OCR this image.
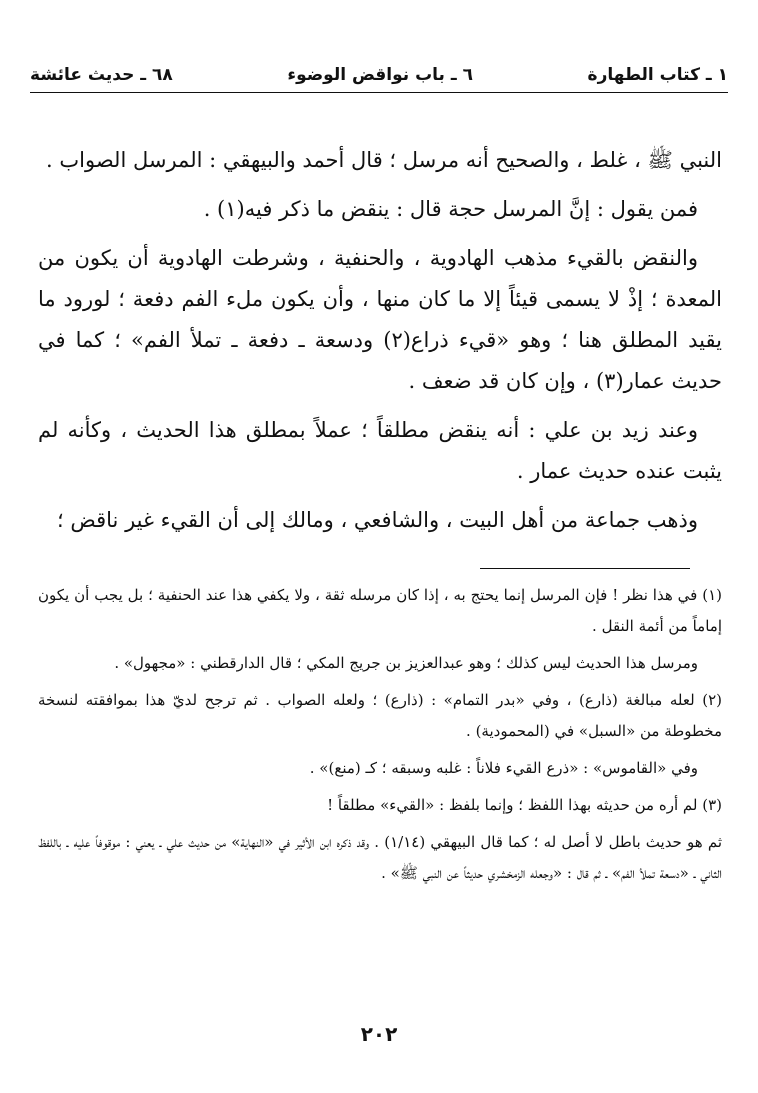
١ ـ كتاب الطهارة
٦ ـ باب نواقض الوضوء
٦٨ ـ حديث عائشة

النبي ﷺ ، غلط ، والصحيح أنه مرسل ؛ قال أحمد والبيهقي : المرسل الصواب .

فمن يقول : إنَّ المرسل حجة قال : ينقض ما ذكر فيه(١) .

والنقض بالقيء مذهب الهادوية ، والحنفية ، وشرطت الهادوية أن يكون من المعدة ؛ إذْ لا يسمى قيئاً إلا ما كان منها ، وأن يكون ملء الفم دفعة ؛ لورود ما يقيد المطلق هنا ؛ وهو «قيء ذراع(٢) ودسعة ـ دفعة ـ تملأ الفم» ؛ كما في حديث عمار(٣) ، وإن كان قد ضعف .

وعند زيد بن علي : أنه ينقض مطلقاً ؛ عملاً بمطلق هذا الحديث ، وكأنه لم يثبت عنده حديث عمار .

وذهب جماعة من أهل البيت ، والشافعي ، ومالك إلى أن القيء غير ناقض ؛

(١) في هذا نظر ! فإن المرسل إنما يحتج به ، إذا كان مرسله ثقة ، ولا يكفي هذا عند الحنفية ؛ بل يجب أن يكون إماماً من أئمة النقل .

ومرسل هذا الحديث ليس كذلك ؛ وهو عبدالعزيز بن جريج المكي ؛ قال الدارقطني : «مجهول» .

(٢) لعله مبالغة (ذارع) ، وفي «بدر التمام» : (ذارع) ؛ ولعله الصواب . ثم ترجح لديّ هذا بموافقته لنسخة مخطوطة من «السبل» في (المحمودية) .

وفي «القاموس» : «ذرع القيء فلاناً : غلبه وسبقه ؛ كـ (منع)» .

(٣) لم أره من حديثه بهذا اللفظ ؛ وإنما بلفظ : «القيء» مطلقاً !

ثم هو حديث باطل لا أصل له ؛ كما قال البيهقي (١/١٤) . وقد ذكره ابن الأثير في «النهاية» من حديث علي ـ يعني : موقوفاً عليه ـ باللفظ الثاني ـ «دسعة تملأ الفم» ـ ثم قال : «وجعله الزمخشري حديثاً عن النبي ﷺ» .

٢٠٢
